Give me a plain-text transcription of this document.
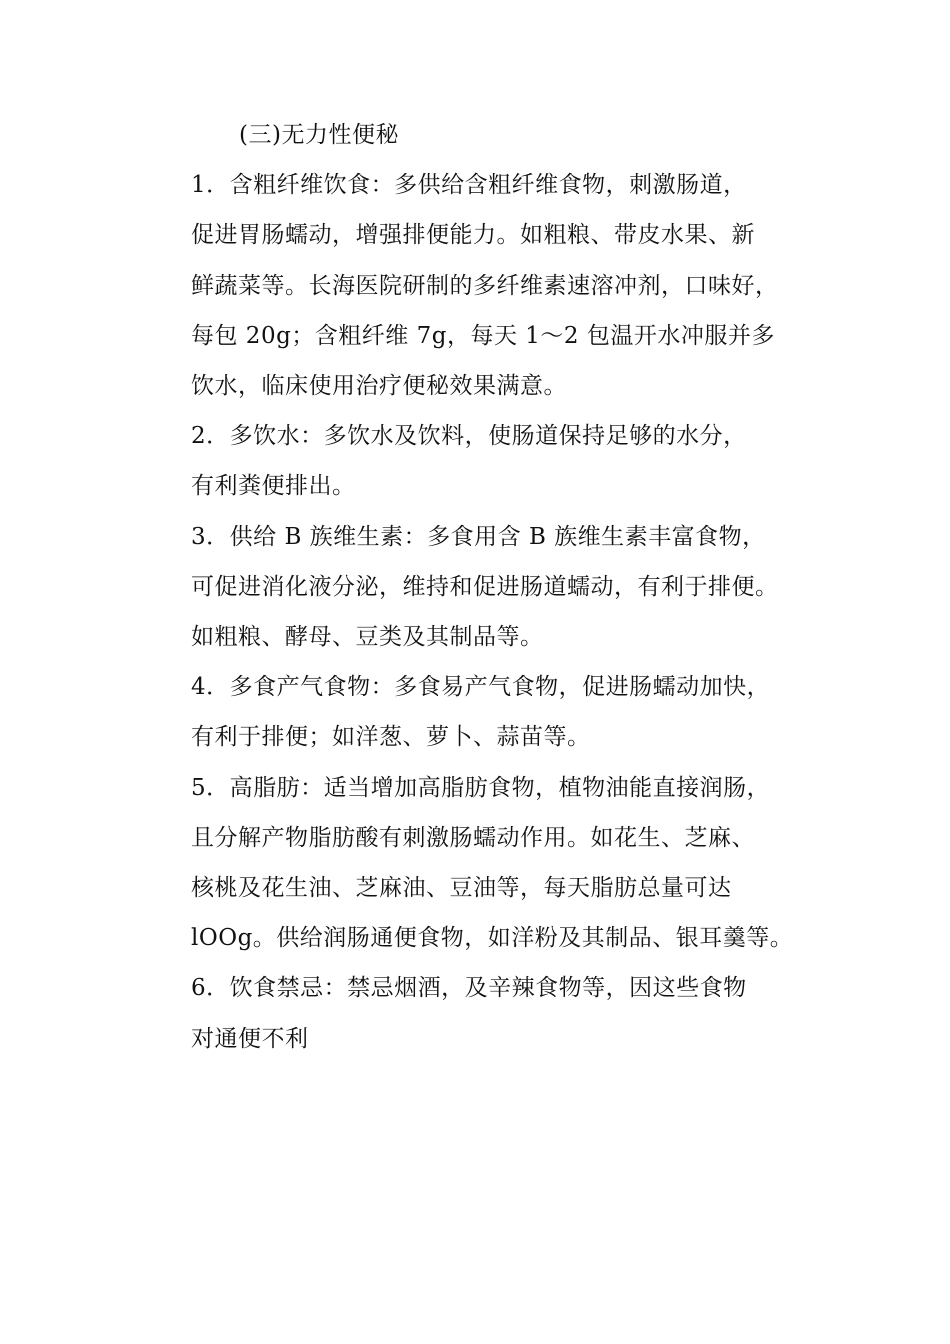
(三)无力性便秘

1．含粗纤维饮食：多供给含粗纤维食物，刺激肠道，

促进胃肠蠕动，增强排便能力。如粗粮、带皮水果、新

鲜蔬菜等。长海医院研制的多纤维素速溶冲剂，口味好，

每包 20g；含粗纤维 7g，每天 1～2 包温开水冲服并多

饮水，临床使用治疗便秘效果满意。

2．多饮水：多饮水及饮料，使肠道保持足够的水分，

有利粪便排出。

3．供给 B 族维生素：多食用含 B 族维生素丰富食物，

可促进消化液分泌，维持和促进肠道蠕动，有利于排便。

如粗粮、酵母、豆类及其制品等。

4．多食产气食物：多食易产气食物，促进肠蠕动加快，

有利于排便；如洋葱、萝卜、蒜苗等。

5．高脂肪：适当增加高脂肪食物，植物油能直接润肠，

且分解产物脂肪酸有刺激肠蠕动作用。如花生、芝麻、

核桃及花生油、芝麻油、豆油等，每天脂肪总量可达

lOOg。供给润肠通便食物，如洋粉及其制品、银耳羹等。

6．饮食禁忌：禁忌烟酒，及辛辣食物等，因这些食物

对通便不利
